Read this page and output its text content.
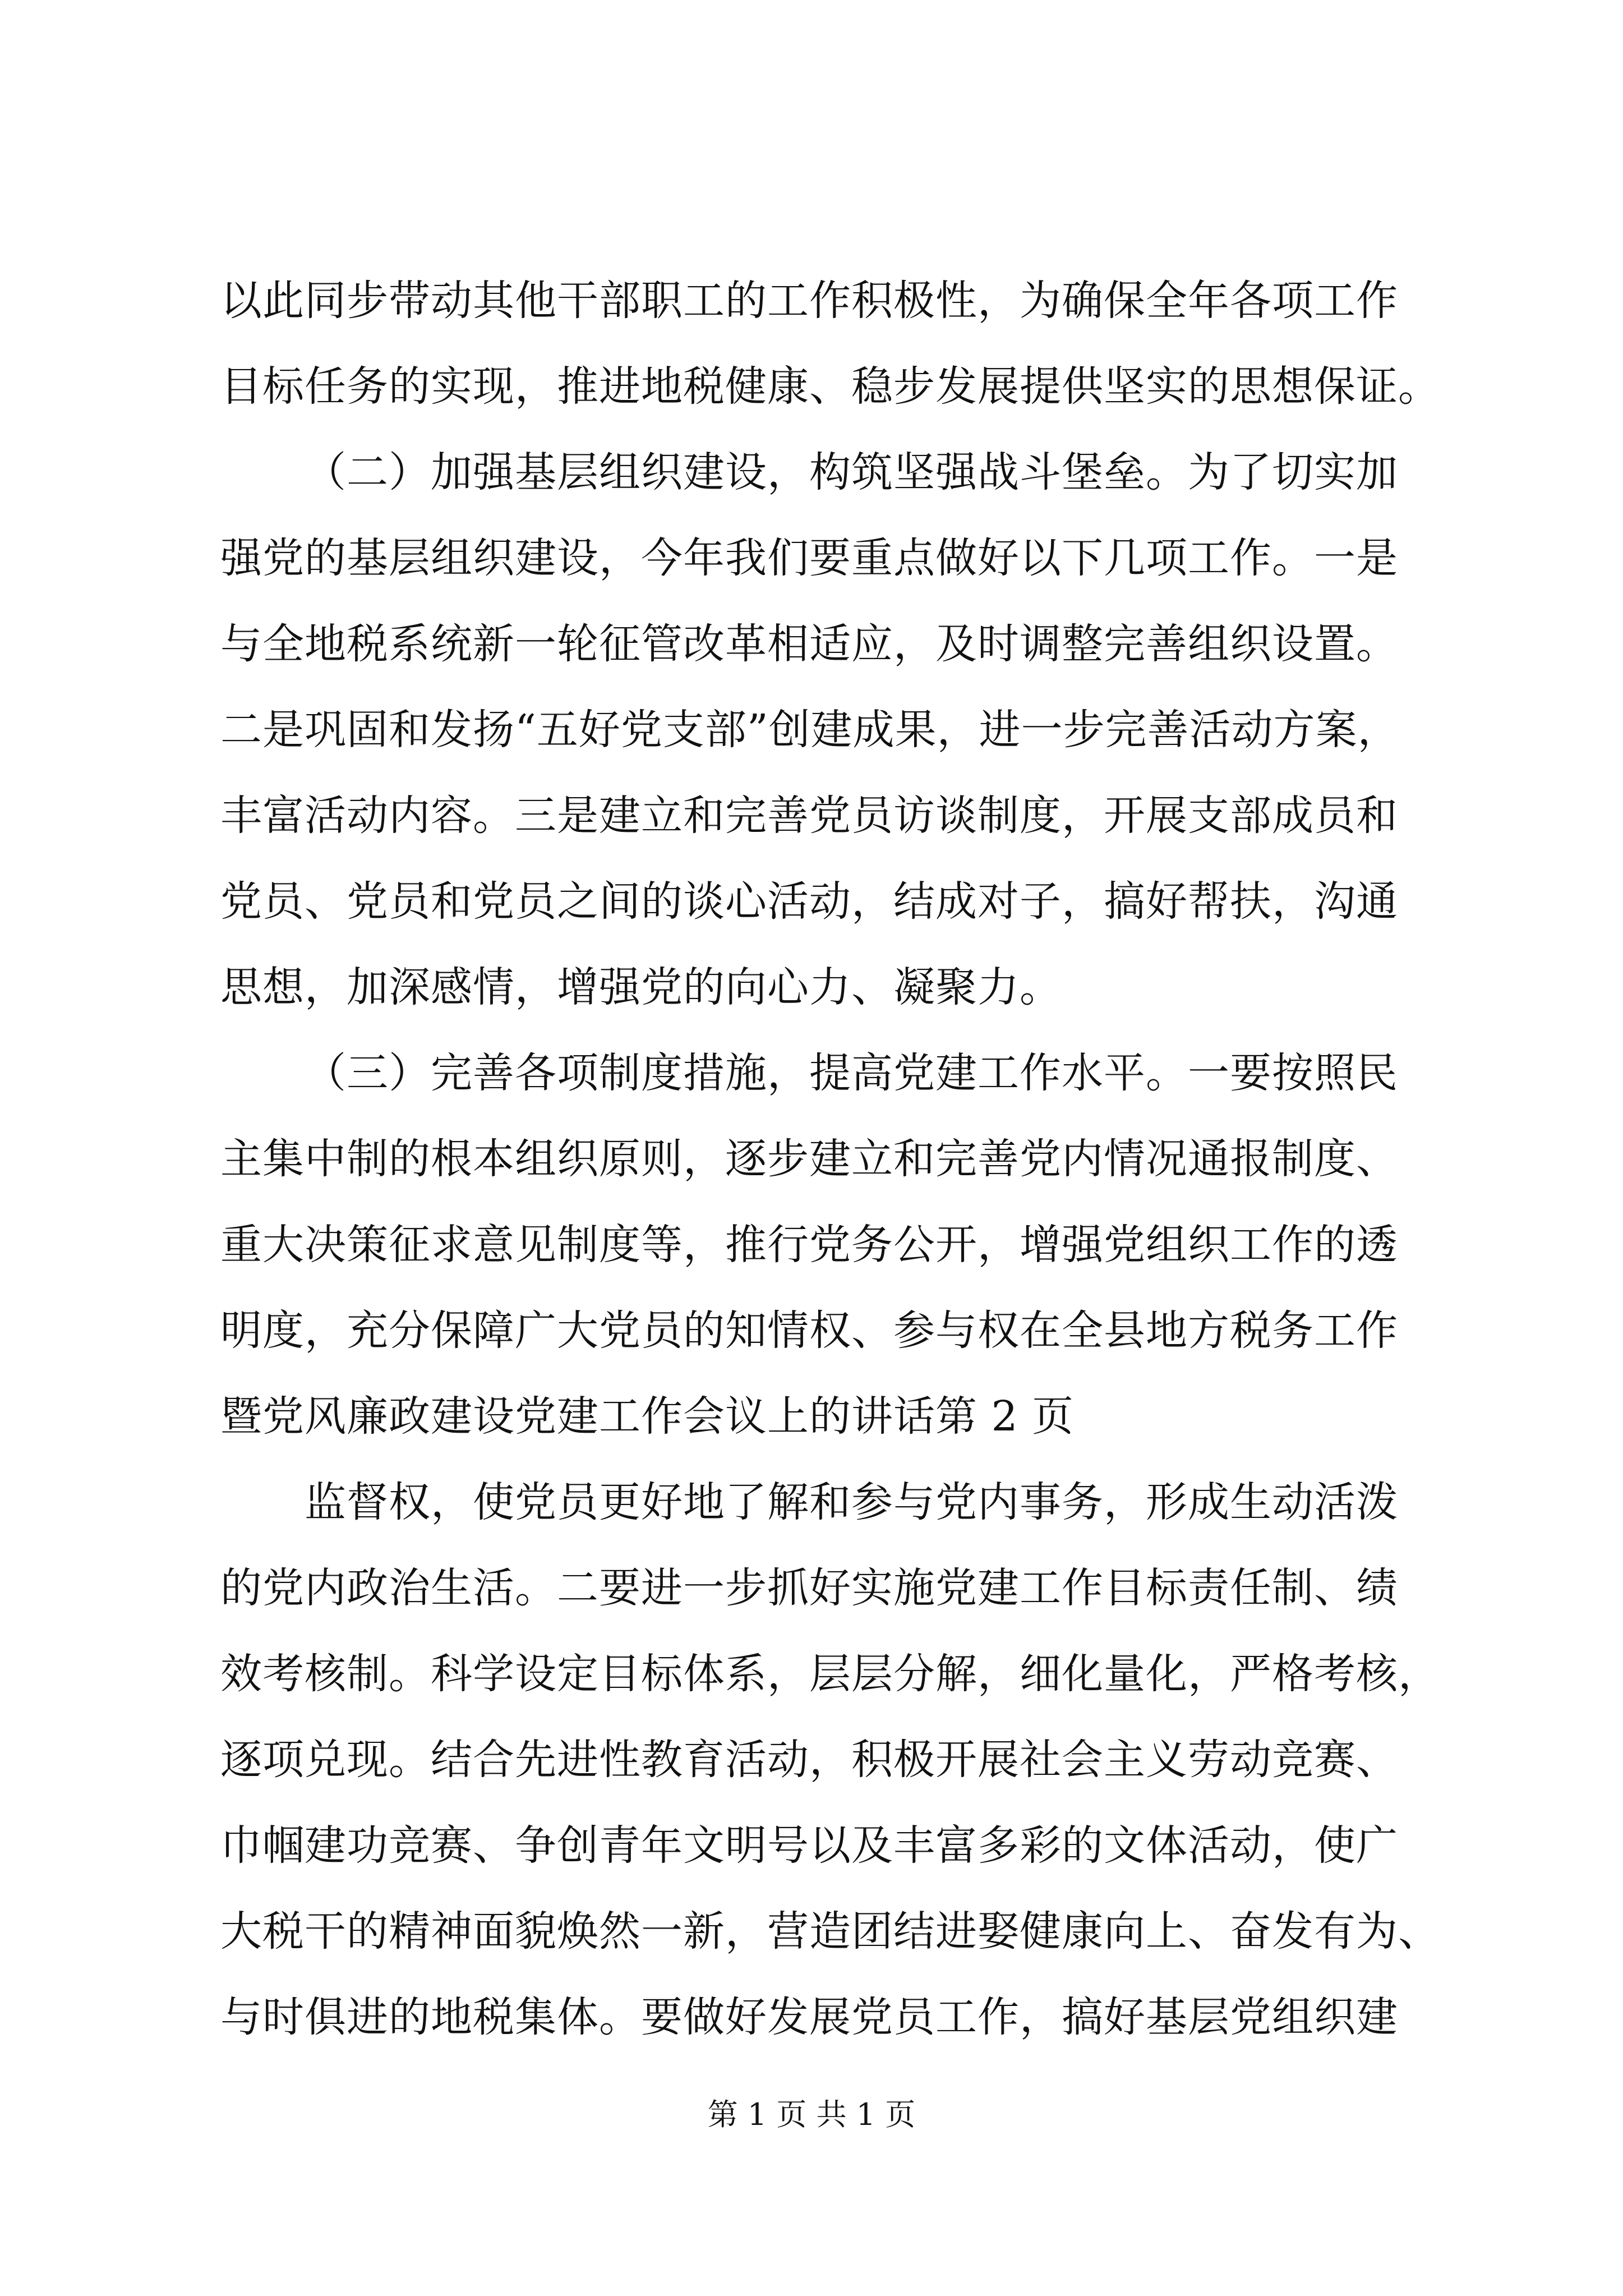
以此同步带动其他干部职工的工作积极性，为确保全年各项工作
目标任务的实现，推进地税健康、稳步发展提供坚实的思想保证。
（二）加强基层组织建设，构筑坚强战斗堡垒。为了切实加
强党的基层组织建设，今年我们要重点做好以下几项工作。一是
与全地税系统新一轮征管改革相适应，及时调整完善组织设置。
二是巩固和发扬“五好党支部”创建成果，进一步完善活动方案，
丰富活动内容。三是建立和完善党员访谈制度，开展支部成员和
党员、党员和党员之间的谈心活动，结成对子，搞好帮扶，沟通
思想，加深感情，增强党的向心力、凝聚力。
（三）完善各项制度措施，提高党建工作水平。一要按照民
主集中制的根本组织原则，逐步建立和完善党内情况通报制度、
重大决策征求意见制度等，推行党务公开，增强党组织工作的透
明度，充分保障广大党员的知情权、参与权在全县地方税务工作
暨党风廉政建设党建工作会议上的讲话第 2 页
监督权，使党员更好地了解和参与党内事务，形成生动活泼
的党内政治生活。二要进一步抓好实施党建工作目标责任制、绩
效考核制。科学设定目标体系，层层分解，细化量化，严格考核，
逐项兑现。结合先进性教育活动，积极开展社会主义劳动竞赛、
巾帼建功竞赛、争创青年文明号以及丰富多彩的文体活动，使广
大税干的精神面貌焕然一新，营造团结进娶健康向上、奋发有为、
与时俱进的地税集体。要做好发展党员工作，搞好基层党组织建
第 1 页 共 1 页
